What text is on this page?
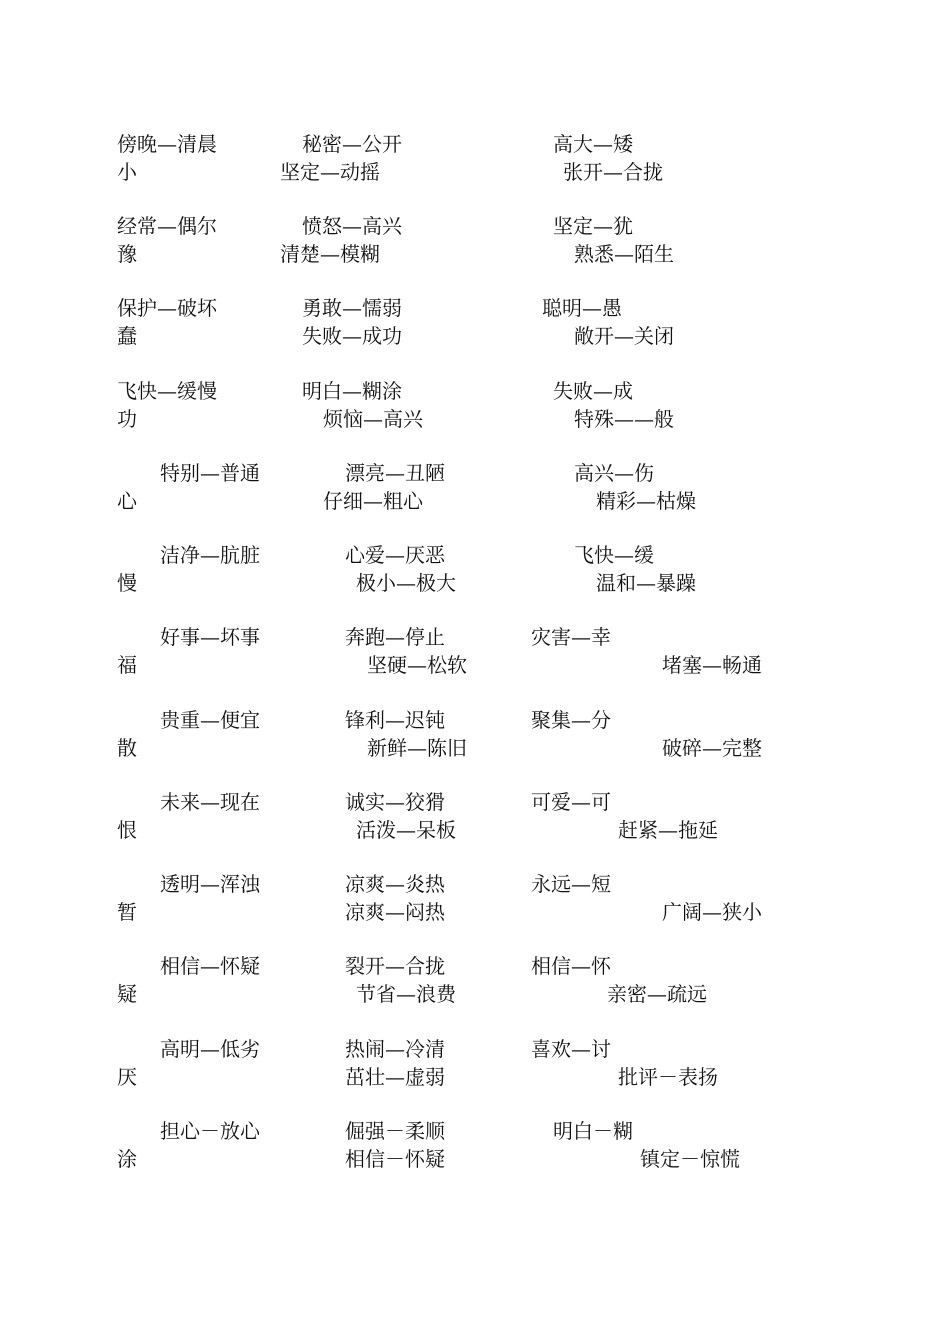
傍晚—清晨	秘密—公开	高大—矮
小	坚定—动摇	张开—合拢
经常—偶尔	愤怒—高兴	坚定—犹
豫	清楚—模糊	熟悉—陌生
保护—破坏	勇敢—懦弱	聪明—愚
蠢	失败—成功	敞开—关闭
飞快—缓慢	明白—糊涂	失败—成
功	烦恼—高兴	特殊——般
特别—普通	漂亮—丑陋	高兴—伤
心	仔细—粗心	精彩—枯燥
洁净—肮脏	心爱—厌恶	飞快—缓
慢	极小—极大	温和—暴躁
好事—坏事	奔跑—停止	灾害—幸
福	坚硬—松软	堵塞—畅通
贵重—便宜	锋利—迟钝	聚集—分
散	新鲜—陈旧	破碎—完整
未来—现在	诚实—狡猾	可爱—可
恨	活泼—呆板	赶紧—拖延
透明—浑浊	凉爽—炎热	永远—短
暂	凉爽—闷热	广阔—狭小
相信—怀疑	裂开—合拢	相信—怀
疑	节省—浪费	亲密—疏远
高明—低劣	热闹—冷清	喜欢—讨
厌	茁壮—虚弱	批评－表扬
担心－放心	倔强－柔顺	明白－糊
涂	相信－怀疑	镇定－惊慌
